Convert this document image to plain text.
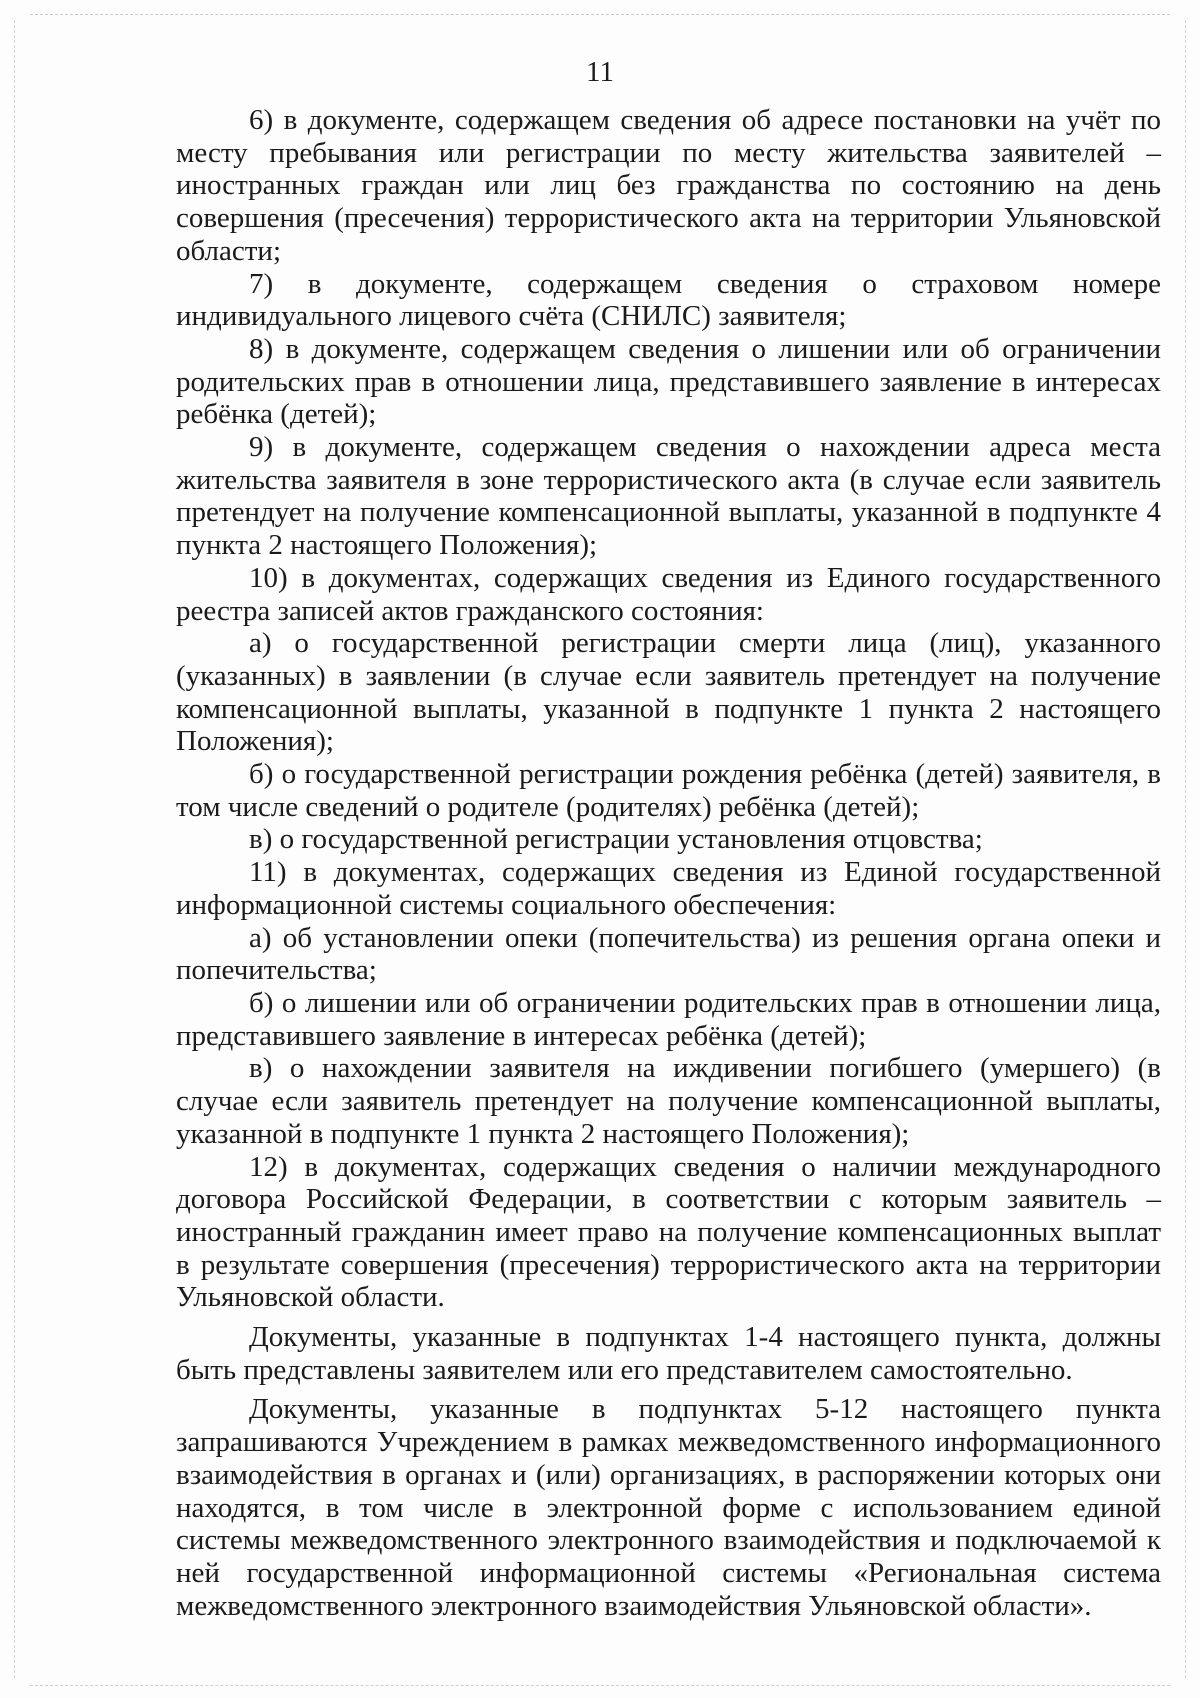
11

6) в документе, содержащем сведения об адресе постановки на учёт по месту пребывания или регистрации по месту жительства заявителей – иностранных граждан или лиц без гражданства по состоянию на день совершения (пресечения) террористического акта на территории Ульяновской области;

7) в документе, содержащем сведения о страховом номере индивидуального лицевого счёта (СНИЛС) заявителя;

8) в документе, содержащем сведения о лишении или об ограничении родительских прав в отношении лица, представившего заявление в интересах ребёнка (детей);

9) в документе, содержащем сведения о нахождении адреса места жительства заявителя в зоне террористического акта (в случае если заявитель претендует на получение компенсационной выплаты, указанной в подпункте 4 пункта 2 настоящего Положения);

10) в документах, содержащих сведения из Единого государственного реестра записей актов гражданского состояния:

а) о государственной регистрации смерти лица (лиц), указанного (указанных) в заявлении (в случае если заявитель претендует на получение компенсационной выплаты, указанной в подпункте 1 пункта 2 настоящего Положения);

б) о государственной регистрации рождения ребёнка (детей) заявителя, в том числе сведений о родителе (родителях) ребёнка (детей);

в) о государственной регистрации установления отцовства;

11) в документах, содержащих сведения из Единой государственной информационной системы социального обеспечения:

а) об установлении опеки (попечительства) из решения органа опеки и попечительства;

б) о лишении или об ограничении родительских прав в отношении лица, представившего заявление в интересах ребёнка (детей);

в) о нахождении заявителя на иждивении погибшего (умершего) (в случае если заявитель претендует на получение компенсационной выплаты, указанной в подпункте 1 пункта 2 настоящего Положения);

12) в документах, содержащих сведения о наличии международного договора Российской Федерации, в соответствии с которым заявитель – иностранный гражданин имеет право на получение компенсационных выплат в результате совершения (пресечения) террористического акта на территории Ульяновской области.

Документы, указанные в подпунктах 1-4 настоящего пункта, должны быть представлены заявителем или его представителем самостоятельно.

Документы, указанные в подпунктах 5-12 настоящего пункта запрашиваются Учреждением в рамках межведомственного информационного взаимодействия в органах и (или) организациях, в распоряжении которых они находятся, в том числе в электронной форме с использованием единой системы межведомственного электронного взаимодействия и подключаемой к ней государственной информационной системы «Региональная система межведомственного электронного взаимодействия Ульяновской области».
